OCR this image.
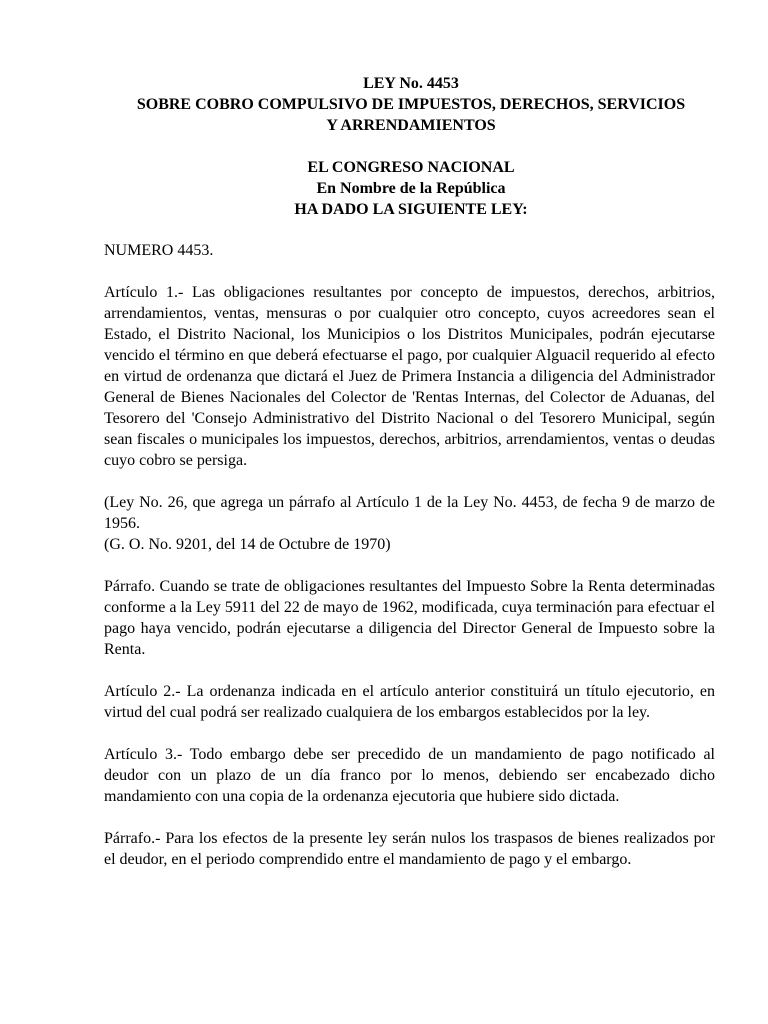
LEY No. 4453
SOBRE COBRO COMPULSIVO DE IMPUESTOS, DERECHOS, SERVICIOS
Y ARRENDAMIENTOS
EL CONGRESO NACIONAL
En Nombre de la República
HA DADO LA SIGUIENTE LEY:

NUMERO 4453.

Artículo 1.- Las obligaciones resultantes por concepto de impuestos, derechos, arbitrios, arrendamientos, ventas, mensuras o por cualquier otro concepto, cuyos acreedores sean el Estado, el Distrito Nacional, los Municipios o los Distritos Municipales, podrán ejecutarse vencido el término en que deberá efectuarse el pago, por cualquier Alguacil requerido al efecto en virtud de ordenanza que dictará el Juez de Primera Instancia a diligencia del Administrador General de Bienes Nacionales del Colector de 'Rentas Internas, del Colector de Aduanas, del Tesorero del 'Consejo Administrativo del Distrito Nacional o del Tesorero Municipal, según sean fiscales o municipales los impuestos, derechos, arbitrios, arrendamientos, ventas o deudas cuyo cobro se persiga.

(Ley No. 26, que agrega un párrafo al Artículo 1 de la Ley No. 4453, de fecha 9 de marzo de 1956.

(G. O. No. 9201, del 14 de Octubre de 1970)

Párrafo. Cuando se trate de obligaciones resultantes del Impuesto Sobre la Renta determinadas conforme a la Ley 5911 del 22 de mayo de 1962, modificada, cuya terminación para efectuar el pago haya vencido, podrán ejecutarse a diligencia del Director General de Impuesto sobre la Renta.

Artículo 2.- La ordenanza indicada en el artículo anterior constituirá un título ejecutorio, en virtud del cual podrá ser realizado cualquiera de los embargos establecidos por la ley.

Artículo 3.- Todo embargo debe ser precedido de un mandamiento de pago notificado al deudor con un plazo de un día franco por lo menos, debiendo ser encabezado dicho mandamiento con una copia de la ordenanza ejecutoria que hubiere sido dictada.

Párrafo.- Para los efectos de la presente ley serán nulos los traspasos de bienes realizados por el deudor, en el periodo comprendido entre el mandamiento de pago y el embargo.
